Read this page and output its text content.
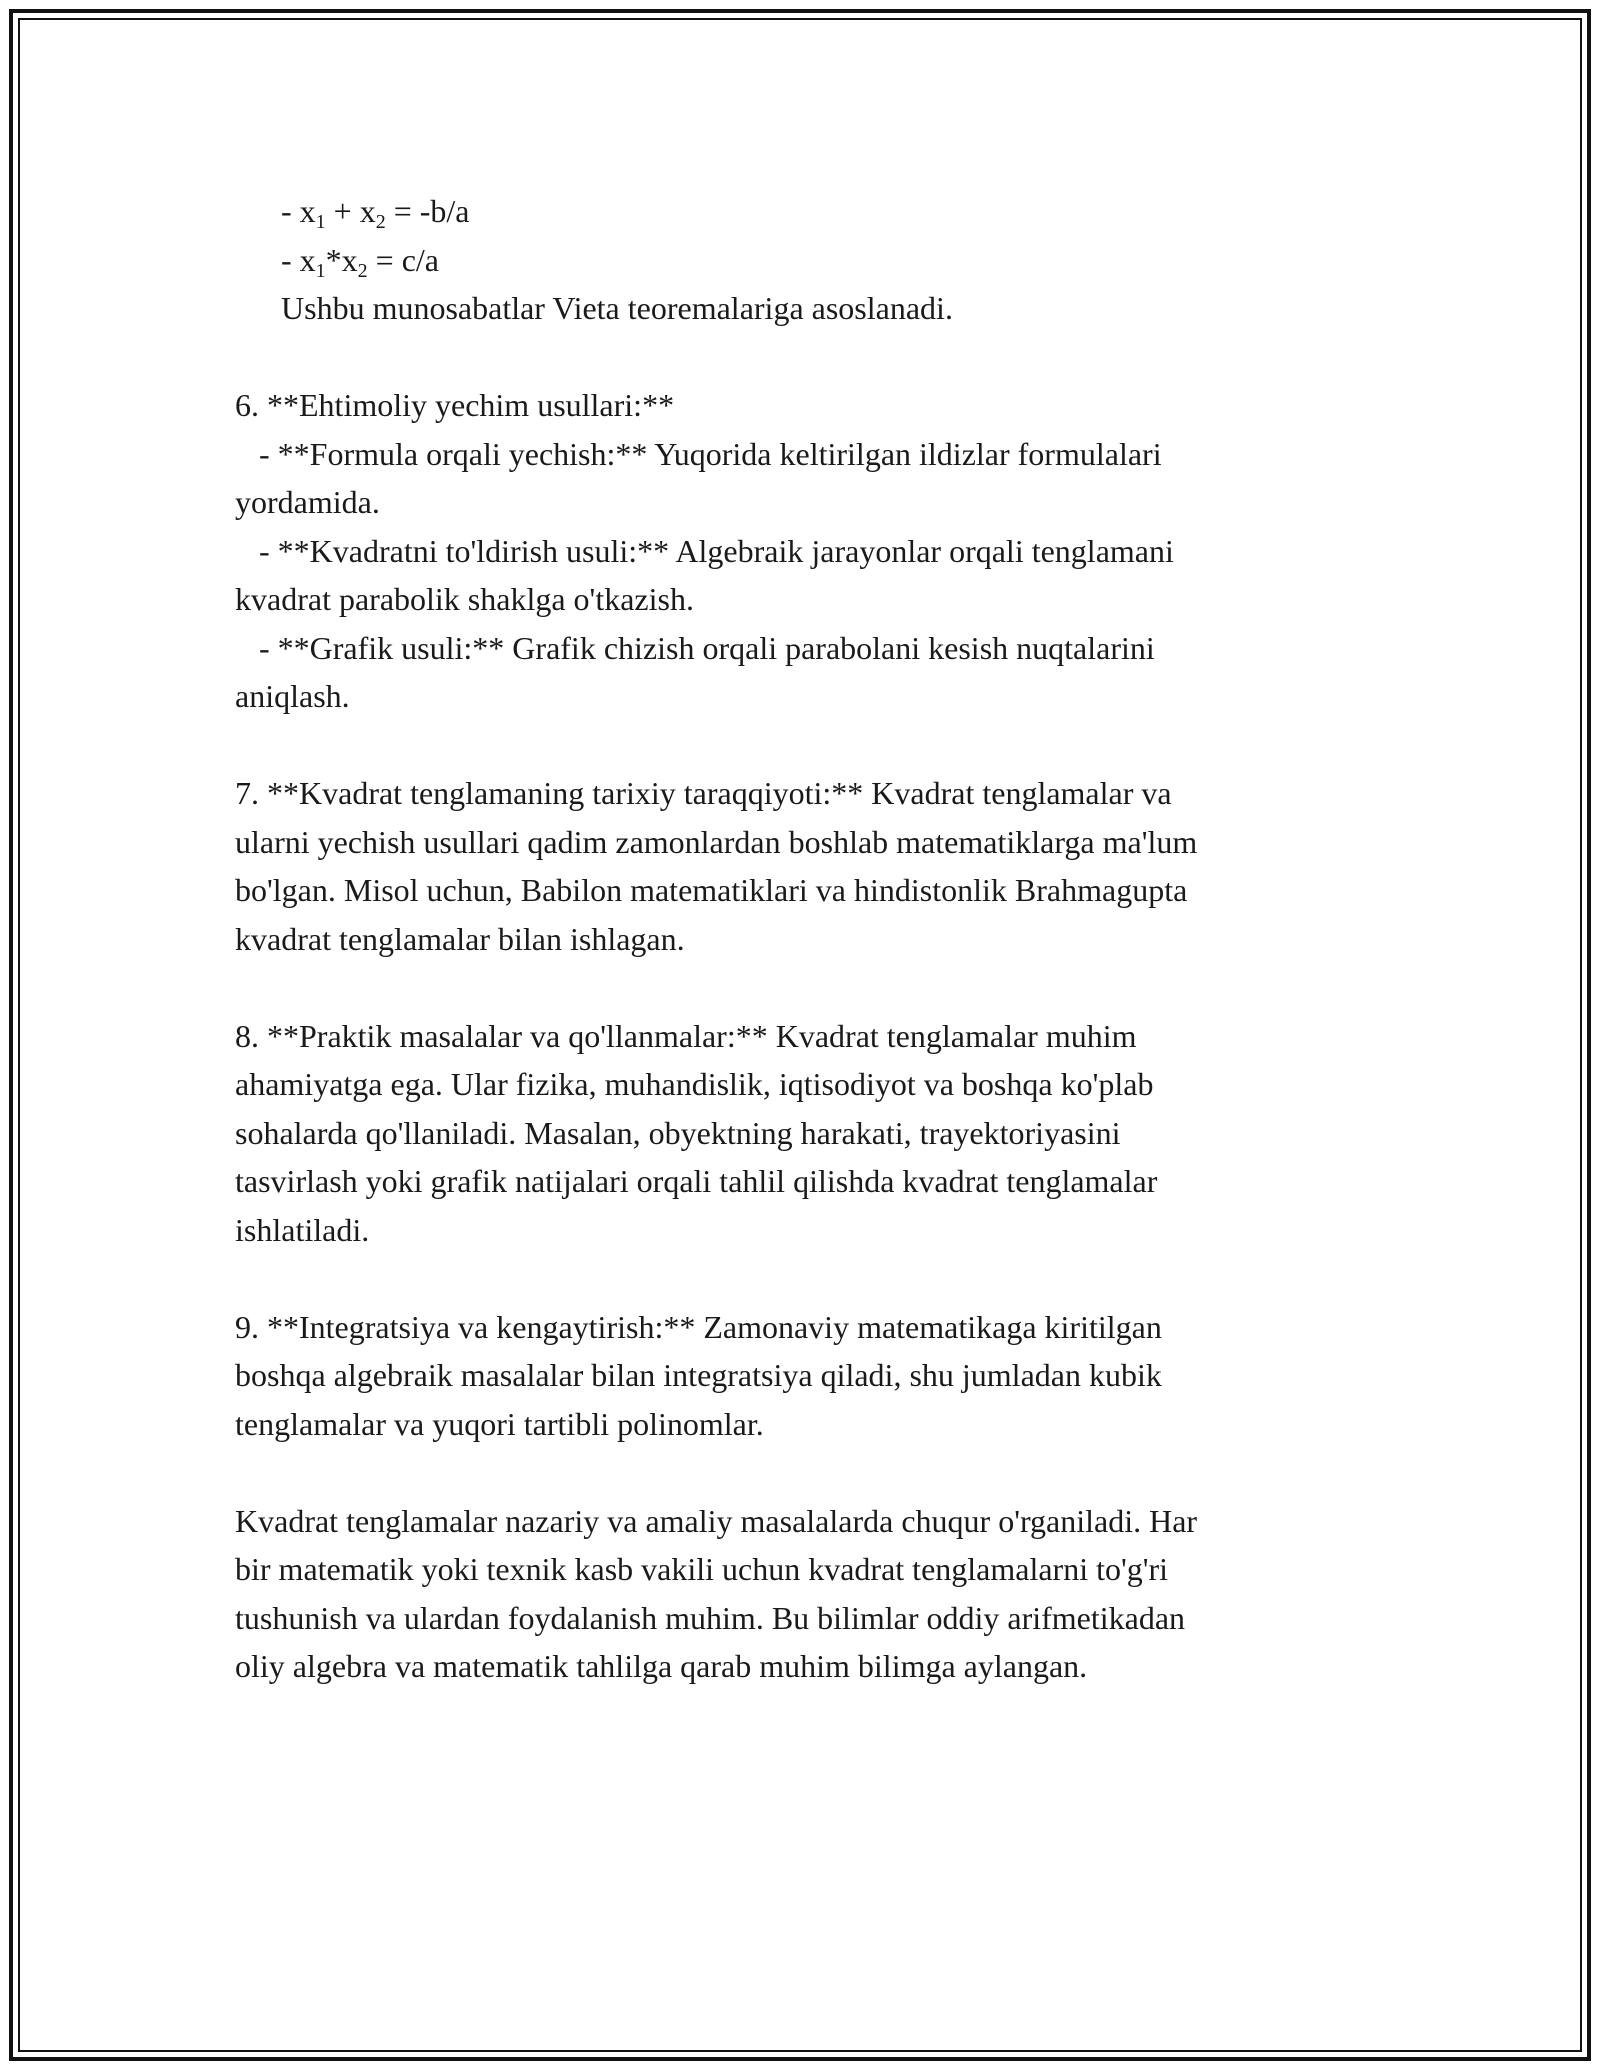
- $x_1 + x_2 = -b/a$
- $x_1*x_2 = c/a$
Ushbu munosabatlar Vieta teoremalariga asoslanadi.
6. **Ehtimoliy yechim usullari:**
- **Formula orqali yechish:** Yuqorida keltirilgan ildizlar formulalari
yordamida.
- **Kvadratni to'ldirish usuli:** Algebraik jarayonlar orqali tenglamani
kvadrat parabolik shaklga o'tkazish.
- **Grafik usuli:** Grafik chizish orqali parabolani kesish nuqtalarini
aniqlash.
7. **Kvadrat tenglamaning tarixiy taraqqiyoti:** Kvadrat tenglamalar va
ularni yechish usullari qadim zamonlardan boshlab matematiklarga ma'lum
bo'lgan. Misol uchun, Babilon matematiklari va hindistonlik Brahmagupta
kvadrat tenglamalar bilan ishlagan.
8. **Praktik masalalar va qo'llanmalar:** Kvadrat tenglamalar muhim
ahamiyatga ega. Ular fizika, muhandislik, iqtisodiyot va boshqa ko'plab
sohalarda qo'llaniladi. Masalan, obyektning harakati, trayektoriyasini
tasvirlash yoki grafik natijalari orqali tahlil qilishda kvadrat tenglamalar
ishlatiladi.
9. **Integratsiya va kengaytirish:** Zamonaviy matematikaga kiritilgan
boshqa algebraik masalalar bilan integratsiya qiladi, shu jumladan kubik
tenglamalar va yuqori tartibli polinomlar.
Kvadrat tenglamalar nazariy va amaliy masalalarda chuqur o'rganiladi. Har
bir matematik yoki texnik kasb vakili uchun kvadrat tenglamalarni to'g'ri
tushunish va ulardan foydalanish muhim. Bu bilimlar oddiy arifmetikadan
oliy algebra va matematik tahlilga qarab muhim bilimga aylangan.
